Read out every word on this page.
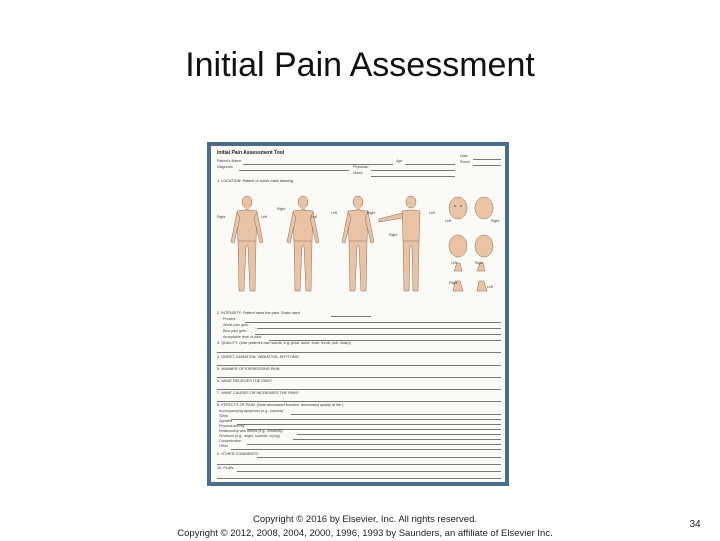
Initial Pain Assessment
Initial Pain Assessment Tool	Date
Room
Patient's Name	Age
Diagnosis	Physician
Nurse
1. LOCATION: Patient or nurse mark drawing
Right	Left
Right
Left
Left	Right	Left
Right
Left	Right
Left	Right
Right
Left
2. INTENSITY: Patient rates the pain. Scale used
Present:
Worst pain gets:
Best pain gets:
Acceptable level of pain:
3. QUALITY: (Use patient's own words, e.g. prick, ache, burn, throb, pull, sharp)
4. ONSET, DURATION, VARIATION, RHYTHMS:
5. MANNER OF EXPRESSING PAIN:
6. WHAT RELIEVES THE PAIN?
7. WHAT CAUSES OR INCREASES THE PAIN?
8. EFFECTS OF PAIN: (Note decreased function, decreased quality of life.)
Accompanying symptoms (e.g., nausea)
Sleep
Appetite
Physical activity
Relationship with others (e.g., irritability)
Emotions (e.g., anger, suicidal, crying)
Concentration
Other
9. OTHER COMMENTS:
10. PLAN:
Copyright © 2016 by Elsevier, Inc. All rights reserved.
Copyright © 2012, 2008, 2004, 2000, 1996, 1993 by Saunders, an affiliate of Elsevier Inc.
34
